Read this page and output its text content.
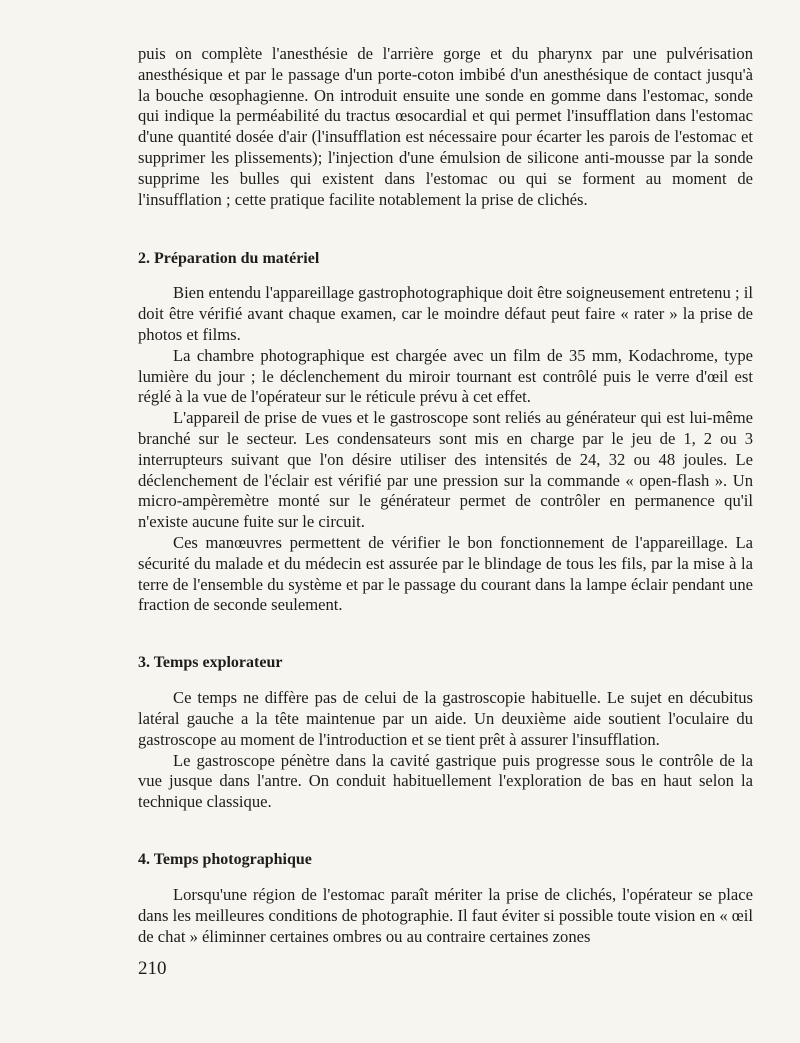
puis on complète l'anesthésie de l'arrière gorge et du pharynx par une pulvérisation anesthésique et par le passage d'un porte-coton imbibé d'un anesthésique de contact jusqu'à la bouche œsophagienne. On introduit ensuite une sonde en gomme dans l'estomac, sonde qui indique la perméabilité du tractus œsocardial et qui permet l'insufflation dans l'estomac d'une quantité dosée d'air (l'insufflation est nécessaire pour écarter les parois de l'estomac et supprimer les plissements); l'injection d'une émulsion de silicone anti-mousse par la sonde supprime les bulles qui existent dans l'estomac ou qui se forment au moment de l'insufflation ; cette pratique facilite notablement la prise de clichés.

2. Préparation du matériel

Bien entendu l'appareillage gastrophotographique doit être soigneusement entretenu ; il doit être vérifié avant chaque examen, car le moindre défaut peut faire « rater » la prise de photos et films.

La chambre photographique est chargée avec un film de 35 mm, Kodachrome, type lumière du jour ; le déclenchement du miroir tournant est contrôlé puis le verre d'œil est réglé à la vue de l'opérateur sur le réticule prévu à cet effet.

L'appareil de prise de vues et le gastroscope sont reliés au générateur qui est lui-même branché sur le secteur. Les condensateurs sont mis en charge par le jeu de 1, 2 ou 3 interrupteurs suivant que l'on désire utiliser des intensités de 24, 32 ou 48 joules. Le déclenchement de l'éclair est vérifié par une pression sur la commande « open-flash ». Un micro-ampèremètre monté sur le générateur permet de contrôler en permanence qu'il n'existe aucune fuite sur le circuit.

Ces manœuvres permettent de vérifier le bon fonctionnement de l'appareillage. La sécurité du malade et du médecin est assurée par le blindage de tous les fils, par la mise à la terre de l'ensemble du système et par le passage du courant dans la lampe éclair pendant une fraction de seconde seulement.

3. Temps explorateur

Ce temps ne diffère pas de celui de la gastroscopie habituelle. Le sujet en décubitus latéral gauche a la tête maintenue par un aide. Un deuxième aide soutient l'oculaire du gastroscope au moment de l'introduction et se tient prêt à assurer l'insufflation.

Le gastroscope pénètre dans la cavité gastrique puis progresse sous le contrôle de la vue jusque dans l'antre. On conduit habituellement l'exploration de bas en haut selon la technique classique.

4. Temps photographique

Lorsqu'une région de l'estomac paraît mériter la prise de clichés, l'opérateur se place dans les meilleures conditions de photographie. Il faut éviter si possible toute vision en « œil de chat » éliminner certaines ombres ou au contraire certaines zones

210
